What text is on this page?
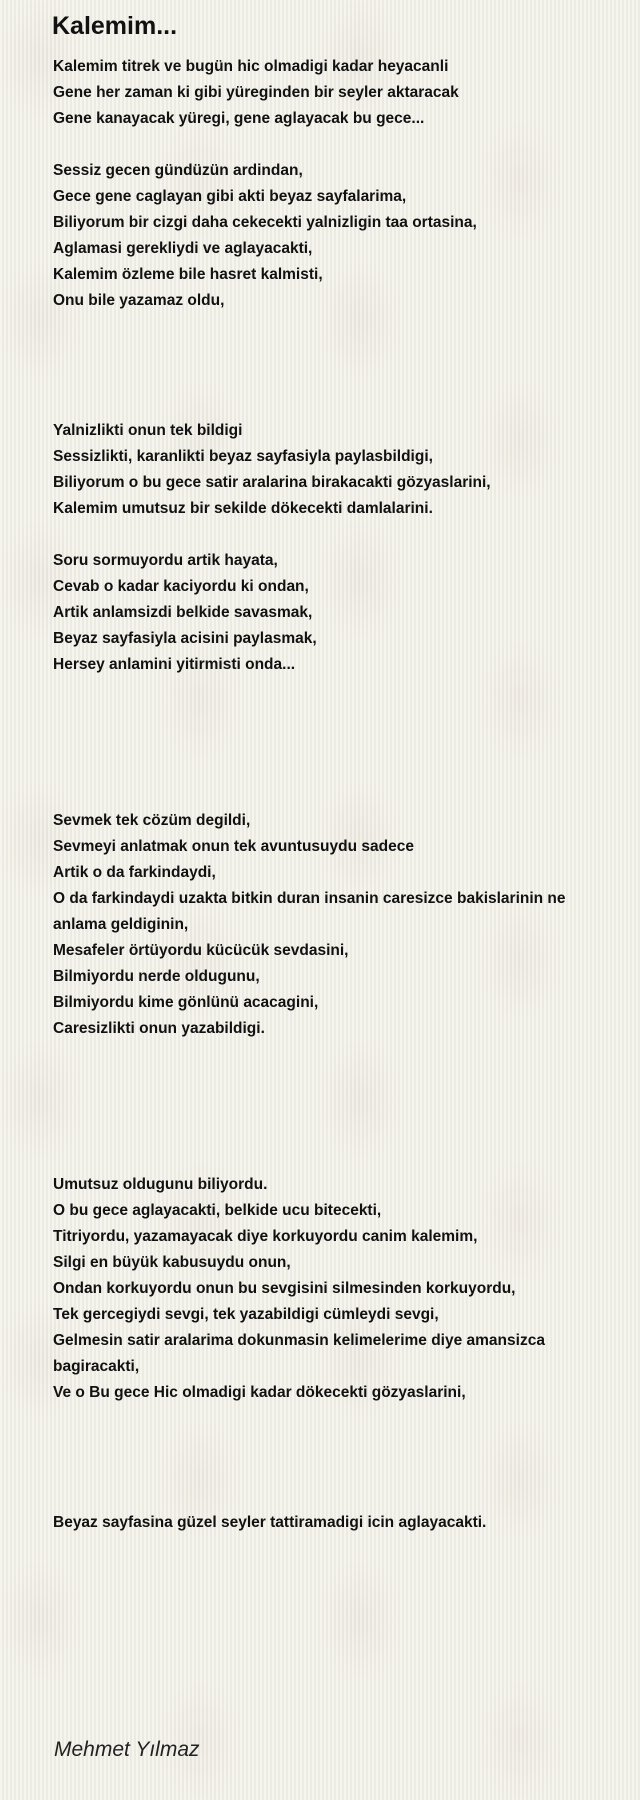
Kalemim...
Kalemim titrek ve bugün hic olmadigi kadar heyacanli
Gene her zaman ki gibi yüreginden bir seyler aktaracak
Gene kanayacak yüregi, gene aglayacak bu gece...
Sessiz gecen gündüzün ardindan,
Gece gene caglayan gibi akti beyaz sayfalarima,
Biliyorum bir cizgi daha cekecekti yalnizligin taa ortasina,
Aglamasi gerekliydi ve aglayacakti,
Kalemim özleme bile hasret kalmisti,
Onu bile yazamaz oldu,
Yalnizlikti onun tek bildigi
Sessizlikti, karanlikti beyaz sayfasiyla paylasbildigi,
Biliyorum o bu gece satir aralarina birakacakti gözyaslarini,
Kalemim umutsuz bir sekilde dökecekti damlalarini.
Soru sormuyordu artik hayata,
Cevab o kadar kaciyordu ki ondan,
Artik anlamsizdi belkide savasmak,
Beyaz sayfasiyla acisini paylasmak,
Hersey anlamini yitirmisti onda...
Sevmek tek cözüm degildi,
Sevmeyi anlatmak onun tek avuntusuydu sadece
Artik o da farkindaydi,
O da farkindaydi uzakta bitkin duran insanin caresizce bakislarinin ne anlama geldiginin,
Mesafeler örtüyordu kücücük sevdasini,
Bilmiyordu nerde oldugunu,
Bilmiyordu kime gönlünü acacagini,
Caresizlikti onun yazabildigi.
Umutsuz oldugunu biliyordu.
O bu gece aglayacakti, belkide ucu bitecekti,
Titriyordu, yazamayacak diye korkuyordu canim kalemim,
Silgi en büyük kabusuydu onun,
Ondan korkuyordu onun bu sevgisini silmesinden korkuyordu,
Tek gercegiydi sevgi, tek yazabildigi cümleydi sevgi,
Gelmesin satir aralarima dokunmasin kelimelerime diye amansizca bagiracakti,
Ve o Bu gece Hic olmadigi kadar dökecekti gözyaslarini,
Beyaz sayfasina güzel seyler tattiramadigi icin aglayacakti.
Mehmet Yılmaz
